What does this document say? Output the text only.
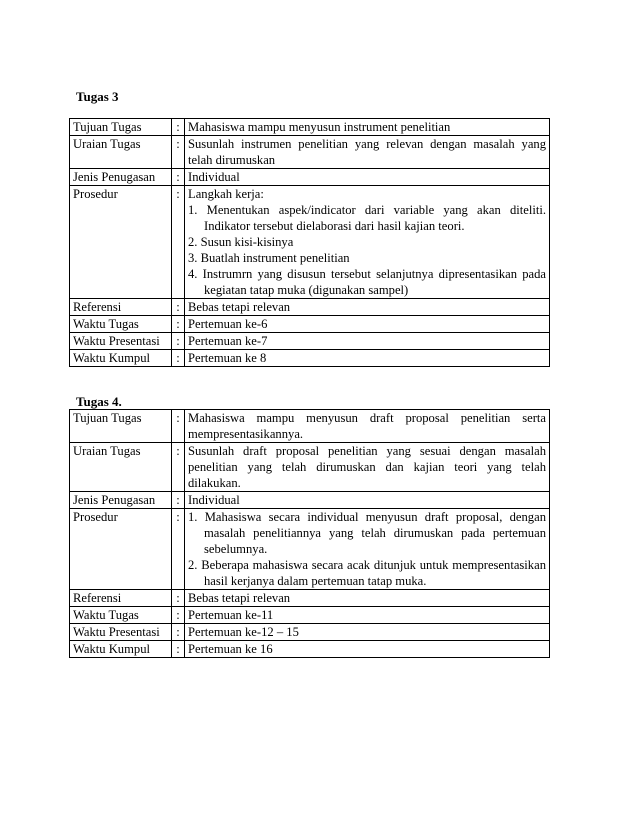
Tugas 3
Tujuan Tugas	:	Mahasiswa mampu menyusun instrument penelitian
Uraian Tugas	:	Susunlah instrumen penelitian yang relevan dengan masalah yang telah dirumuskan
Jenis Penugasan	:	Individual
Prosedur	:	Langkah kerja:
1. Menentukan aspek/indicator dari variable yang akan diteliti. Indikator tersebut dielaborasi dari hasil kajian teori.
2. Susun kisi-kisinya
3. Buatlah instrument penelitian
4. Instrumrn yang disusun tersebut selanjutnya dipresentasikan pada kegiatan tatap muka (digunakan sampel)

Referensi	:	Bebas tetapi relevan
Waktu Tugas	:	Pertemuan ke-6
Waktu Presentasi	:	Pertemuan ke-7
Waktu Kumpul	:	Pertemuan ke 8
Tugas 4.
Tujuan Tugas	:	Mahasiswa mampu menyusun draft proposal penelitian serta mempresentasikannya.
Uraian Tugas	:	Susunlah draft proposal penelitian yang sesuai dengan masalah penelitian yang telah dirumuskan dan kajian teori yang telah dilakukan.
Jenis Penugasan	:	Individual
Prosedur	:	1. Mahasiswa secara individual menyusun draft proposal, dengan masalah penelitiannya yang telah dirumuskan pada pertemuan sebelumnya.
2. Beberapa mahasiswa secara acak ditunjuk untuk mempresentasikan hasil kerjanya dalam pertemuan tatap muka.

Referensi	:	Bebas tetapi relevan
Waktu Tugas	:	Pertemuan ke-11
Waktu Presentasi	:	Pertemuan ke-12 – 15
Waktu Kumpul	:	Pertemuan ke 16
